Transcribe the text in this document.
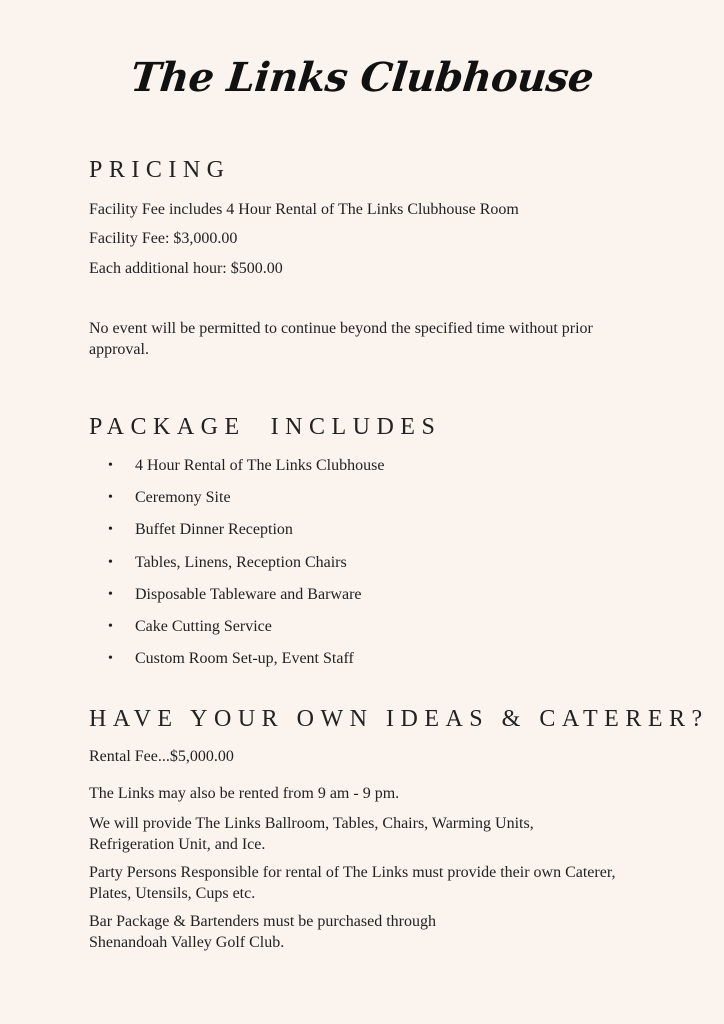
The Links Clubhouse
PRICING
Facility Fee includes 4 Hour Rental of The Links Clubhouse Room
Facility Fee: $3,000.00
Each additional hour: $500.00
No event will be permitted to continue beyond the specified time without prior approval.
PACKAGE  INCLUDES
• 4 Hour Rental of The Links Clubhouse
• Ceremony Site
• Buffet Dinner Reception
• Tables, Linens, Reception Chairs
• Disposable Tableware and Barware
• Cake Cutting Service
• Custom Room Set-up, Event Staff
HAVE YOUR OWN IDEAS & CATERER?
Rental Fee...$5,000.00
The Links may also be rented from 9 am - 9 pm.
We will provide The Links Ballroom, Tables, Chairs, Warming Units, Refrigeration Unit, and Ice.
Party Persons Responsible for rental of The Links must provide their own Caterer, Plates, Utensils, Cups etc.
Bar Package & Bartenders must be purchased through Shenandoah Valley Golf Club.
